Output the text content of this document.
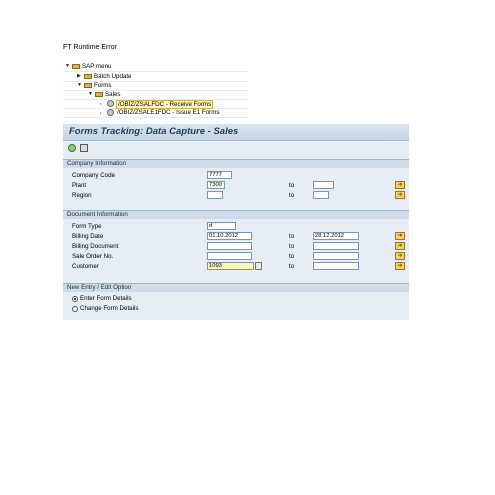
FT Runtime Error
▼ SAP menu
▶ Batch Update
▼ Forms
▼ Sales
•	/OBIZ/ZSALFDC - Receive Forms
•	/OBIZ/ZSALE1FDC - Issue E1 Forms
Forms Tracking: Data Capture - Sales
Company Information
Company Code	7777
Plant	7300	to	➜
Region	to	➜
Document Information
Form Type	d
Billing Date	01.10.2012	to	28.12.2012	➜
Billing Document	to	➜
Sale Order No.	to	➜
Customer	1093	to	➜
New Entry / Edit Option
Enter Form Details
Change Form Details
